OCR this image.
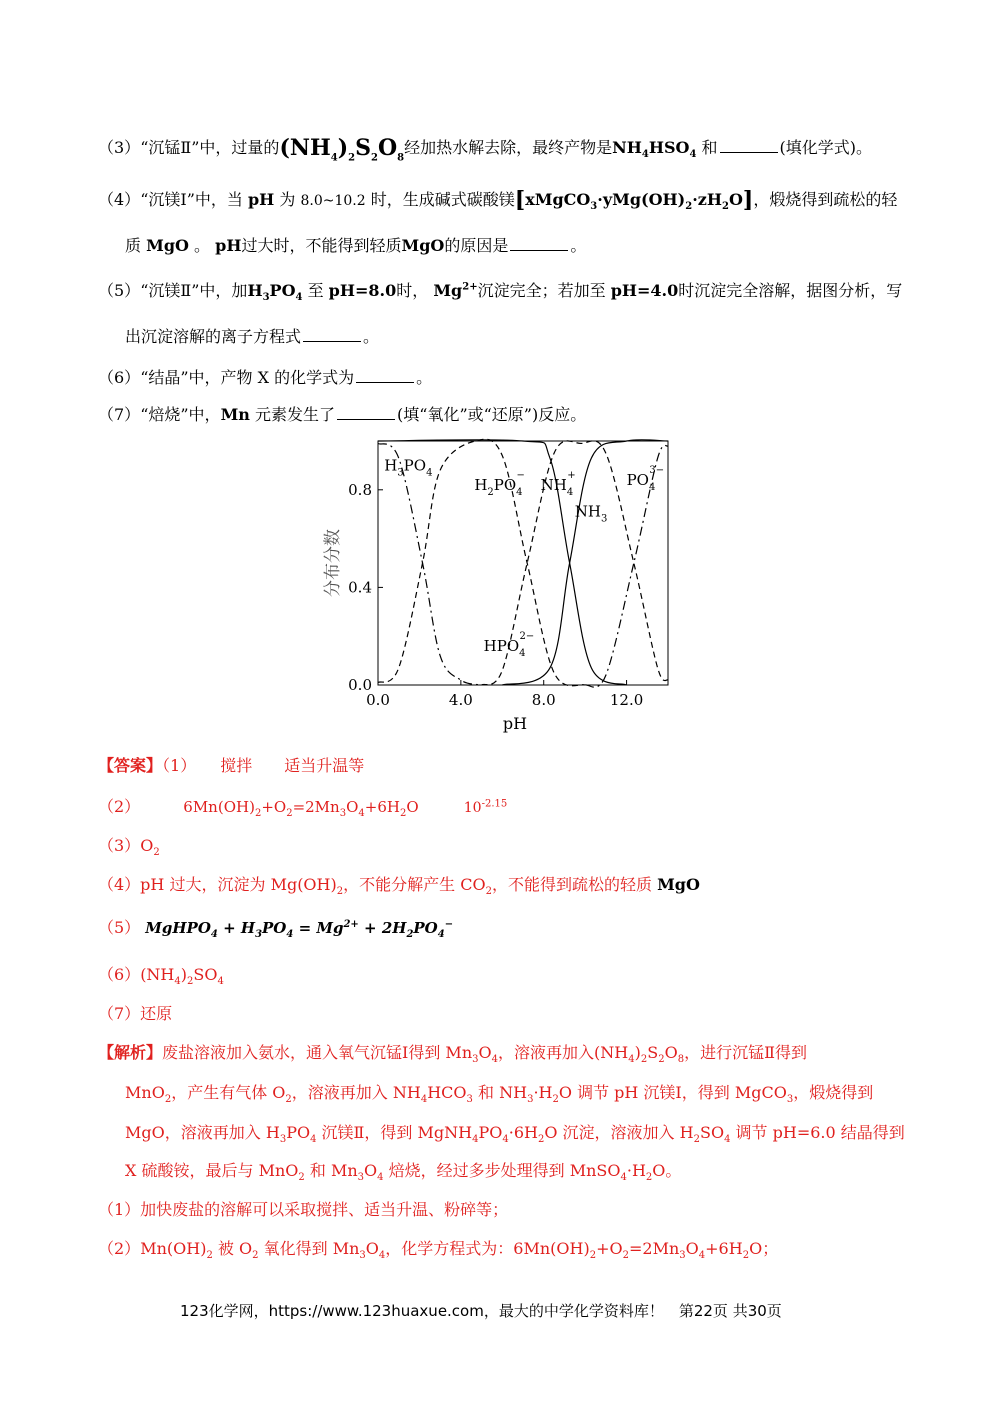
（3）“沉锰Ⅱ”中，过量的$(NH_4)_2S_2O_8$经加热水解去除，最终产物是$NH_4HSO_4$ 和	(填化学式)。
（4）“沉镁Ⅰ”中，当 pH 为 8.0~10.2 时，生成碱式碳酸镁$[xMgCO_3\cdot yMg(OH)_2\cdot zH_2O]$，煅烧得到疏松的轻
质 MgO 。 pH过大时，不能得到轻质MgO的原因是	。
（5）“沉镁Ⅱ”中，加$H_3PO_4$ 至 pH=8.0时， $Mg^{2+}$沉淀完全；若加至 pH=4.0时沉淀完全溶解，据图分析，写
出沉淀溶解的离子方程式	。
（6）“结晶”中，产物 X 的化学式为	。
（7）“焙烧”中，Mn 元素发生了	(填“氧化”或“还原”)反应。
0.0	4.0	8.0	12.0
0.0
0.4
0.8
pH
分布分数
$H_3PO_4$
$H_2PO_4-$
$NH_4+$
$NH_3$
$PO_43-$
$HPO_42-$
【答案】（1）　　搅拌　　适当升温等
（2）	$6Mn(OH)_2+O_2=2Mn_3O_4+6H_2O$	$10^{-2.15}$
$(3)O_2$
（4）pH 过大，沉淀为 $Mg(OH)_2$，不能分解产生 $CO_2$，不能得到疏松的轻质 MgO
（5） MgHPO$_4$ + $H_3PO_4 = Mg^{2+} + 2H_2PO_4^-$
$(6)(NH_4)_2SO_4$
（7）还原
【解析】废盐溶液加入氨水，通入氧气沉锰Ⅰ得到 $Mn_3O_4$，溶液再加入$(NH_4)_2S_2O_8$，进行沉锰Ⅱ得到
MnO$_2$，产生有气体 $O_2$，溶液再加入 $NH_4HCO_3$ 和 $NH_3\cdot H_2O$ 调节 pH 沉镁Ⅰ，得到 MgCO$_3$，煅烧得到
MgO，溶液再加入 $H_3PO_4$ 沉镁Ⅱ，得到 $MgNH_4PO_4\cdot 6H_2O$ 沉淀，溶液加入 $H_2SO_4$ 调节 pH=6.0 结晶得到
X 硫酸铵，最后与 MnO$_2$ 和 $Mn_3O_4$ 焙烧，经过多步处理得到 $MnSO_4\cdot H_2O$。
（1）加快废盐的溶解可以采取搅拌、适当升温、粉碎等；
$(2)Mn(OH)_2$ 被 $O_2$ 氧化得到 $Mn_3O_4$，化学方程式为：$6Mn(OH)_2+O_2=2Mn_3O_4+6H_2O$；
123化学网，https://www.123huaxue.com，最大的中学化学资料库！　第22页 共30页
